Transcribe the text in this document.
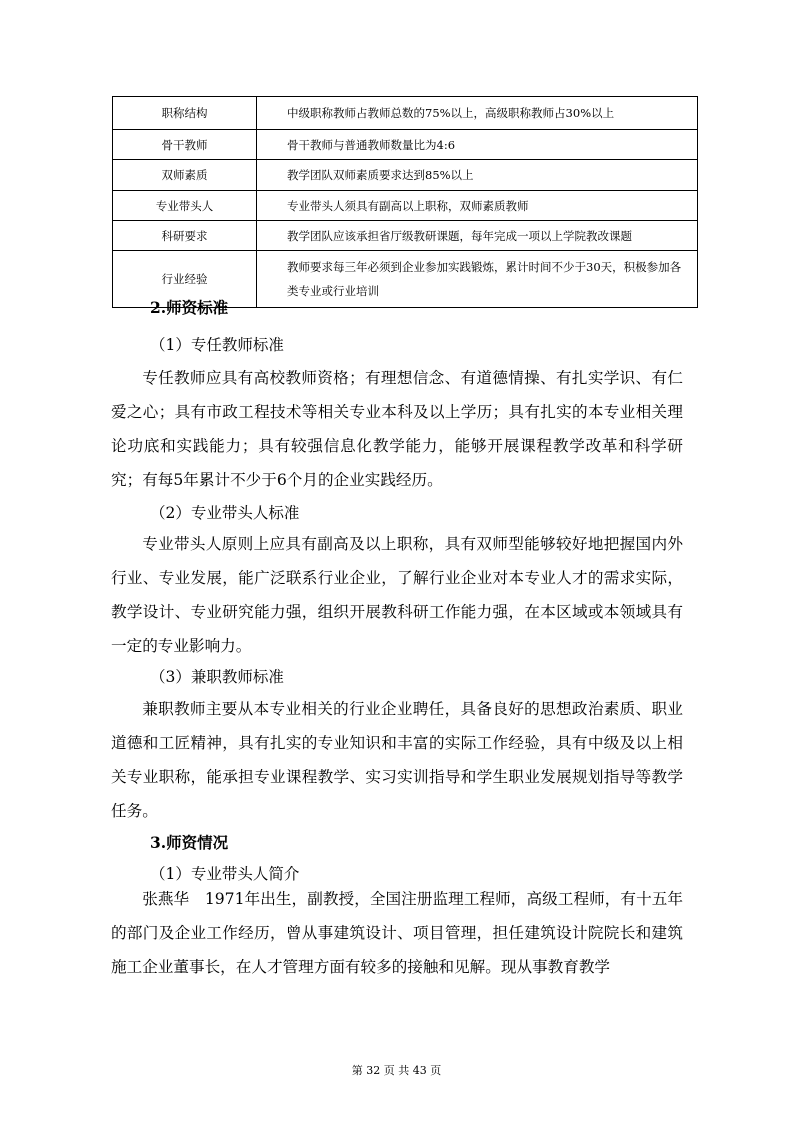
职称结构	中级职称教师占教师总数的75%以上，高级职称教师占30%以上
骨干教师	骨干教师与普通教师数量比为4:6
双师素质	教学团队双师素质要求达到85%以上
专业带头人	专业带头人须具有副高以上职称，双师素质教师
科研要求	教学团队应该承担省厅级教研课题，每年完成一项以上学院教改课题
行业经验	教师要求每三年必须到企业参加实践锻炼，累计时间不少于30天，积极参加各类专业或行业培训
2.师资标准
（1）专任教师标准
专任教师应具有高校教师资格；有理想信念、有道德情操、有扎实学识、有仁爱之心；具有市政工程技术等相关专业本科及以上学历；具有扎实的本专业相关理论功底和实践能力；具有较强信息化教学能力，能够开展课程教学改革和科学研究；有每5年累计不少于6个月的企业实践经历。
（2）专业带头人标准
专业带头人原则上应具有副高及以上职称，具有双师型能够较好地把握国内外行业、专业发展，能广泛联系行业企业，了解行业企业对本专业人才的需求实际，教学设计、专业研究能力强，组织开展教科研工作能力强，在本区域或本领域具有一定的专业影响力。
（3）兼职教师标准
兼职教师主要从本专业相关的行业企业聘任，具备良好的思想政治素质、职业道德和工匠精神，具有扎实的专业知识和丰富的实际工作经验，具有中级及以上相关专业职称，能承担专业课程教学、实习实训指导和学生职业发展规划指导等教学任务。
3.师资情况
（1）专业带头人简介
张燕华　1971年出生，副教授，全国注册监理工程师，高级工程师，有十五年的部门及企业工作经历，曾从事建筑设计、项目管理，担任建筑设计院院长和建筑施工企业董事长，在人才管理方面有较多的接触和见解。现从事教育教学
第 32 页 共 43 页
